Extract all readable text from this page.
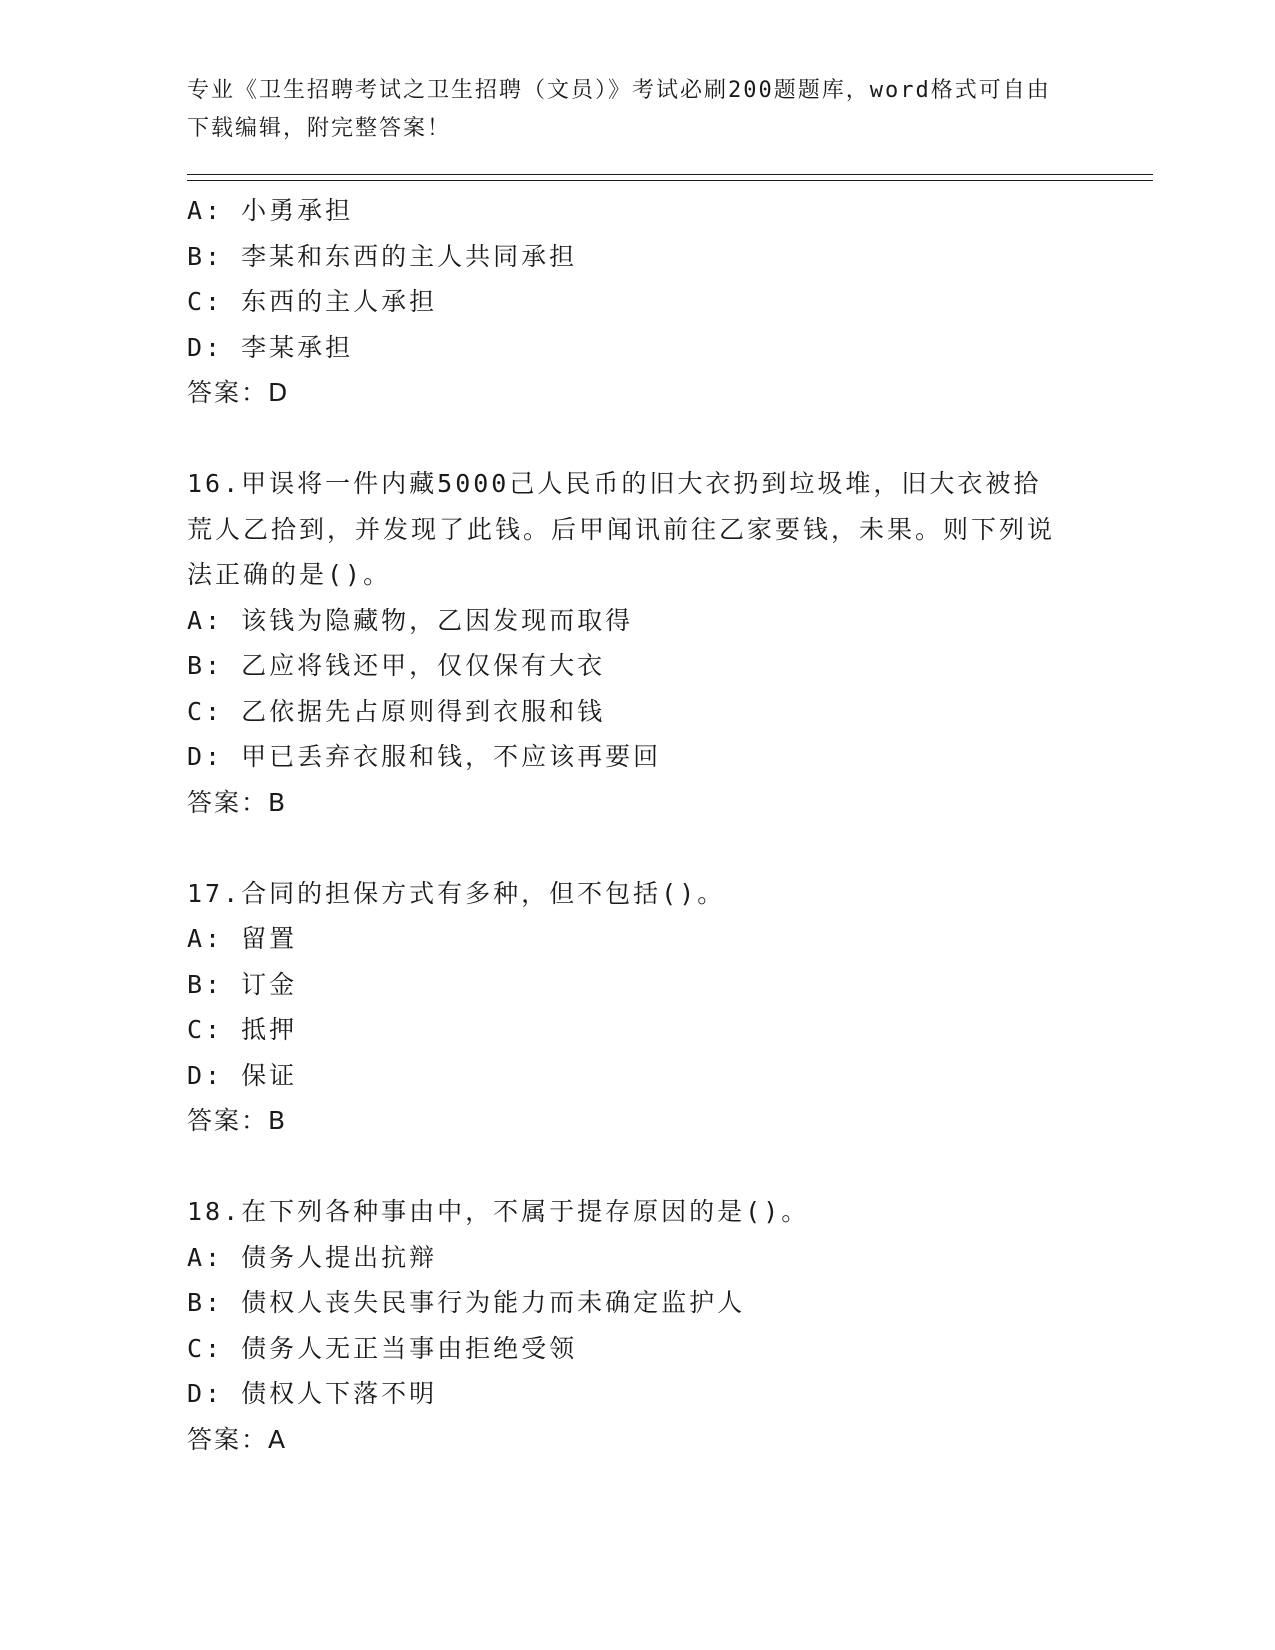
专业《卫生招聘考试之卫生招聘（文员）》考试必刷200题题库，word格式可自由下载编辑，附完整答案！
A: 小勇承担
B: 李某和东西的主人共同承担
C: 东西的主人承担
D: 李某承担
答案：D
16.甲误将一件内藏5000己人民币的旧大衣扔到垃圾堆，旧大衣被拾荒人乙拾到，并发现了此钱。后甲闻讯前往乙家要钱，未果。则下列说法正确的是()。
A: 该钱为隐藏物，乙因发现而取得
B: 乙应将钱还甲，仅仅保有大衣
C: 乙依据先占原则得到衣服和钱
D: 甲已丢弃衣服和钱，不应该再要回
答案：B
17.合同的担保方式有多种，但不包括()。
A: 留置
B: 订金
C: 抵押
D: 保证
答案：B
18.在下列各种事由中，不属于提存原因的是()。
A: 债务人提出抗辩
B: 债权人丧失民事行为能力而未确定监护人
C: 债务人无正当事由拒绝受领
D: 债权人下落不明
答案：A
